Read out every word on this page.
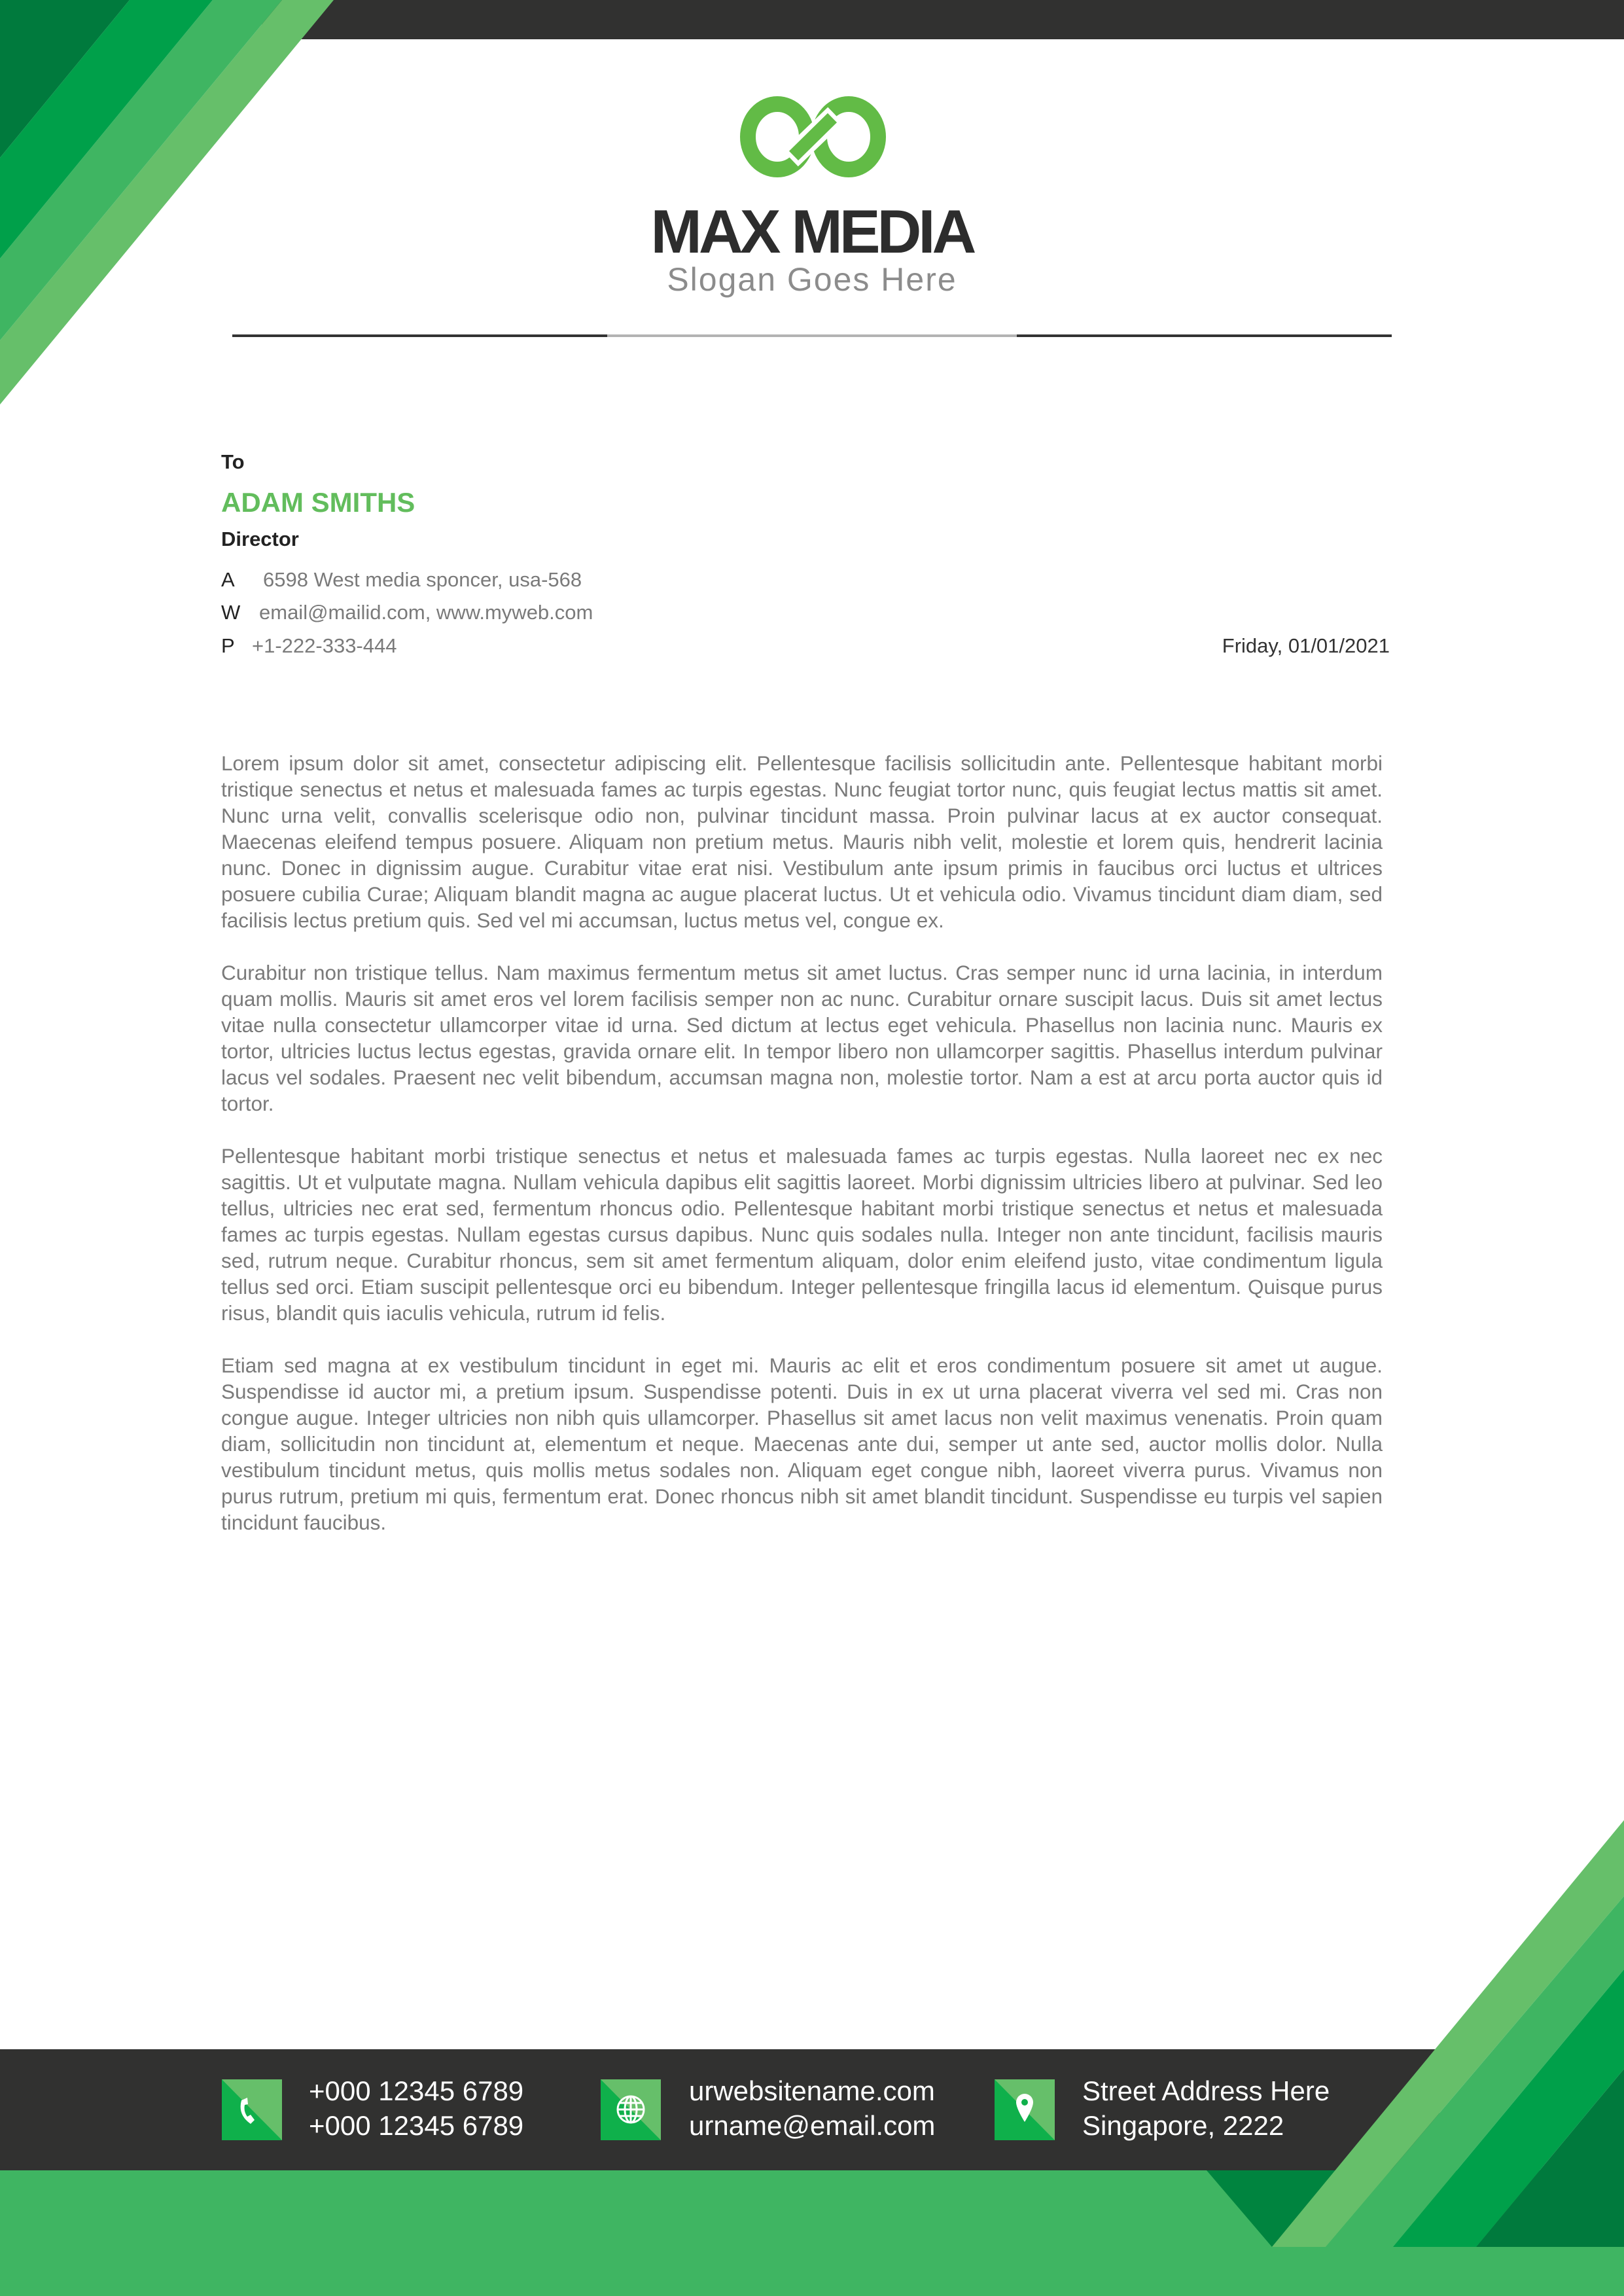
MAX MEDIA
Slogan Goes Here
To
ADAM SMITHS
Director
A 6598 West media sponcer, usa-568
W email@mailid.com, www.myweb.com
P +1-222-333-444	Friday, 01/01/2021

Lorem ipsum dolor sit amet, consectetur adipiscing elit. Pellentesque facilisis sollicitudin ante. Pellentesque habitant morbi tristique senectus et netus et malesuada fames ac turpis egestas. Nunc feugiat tortor nunc, quis feugiat lectus mattis sit amet. Nunc urna velit, convallis scelerisque odio non, pulvinar tincidunt massa. Proin pulvinar lacus at ex auctor consequat. Maecenas eleifend tempus posuere. Aliquam non pretium metus. Mauris nibh velit, molestie et lorem quis, hendrerit lacinia nunc. Donec in dignissim augue. Curabitur vitae erat nisi. Vestibulum ante ipsum primis in faucibus orci luctus et ultrices posuere cubilia Curae; Aliquam blandit magna ac augue placerat luctus. Ut et vehicula odio. Vivamus tincidunt diam diam, sed facilisis lectus pretium quis. Sed vel mi accumsan, luctus metus vel, congue ex.

Curabitur non tristique tellus. Nam maximus fermentum metus sit amet luctus. Cras semper nunc id urna lacinia, in interdum quam mollis. Mauris sit amet eros vel lorem facilisis semper non ac nunc. Curabitur ornare suscipit lacus. Duis sit amet lectus vitae nulla consectetur ullamcorper vitae id urna. Sed dictum at lectus eget vehicula. Phasellus non lacinia nunc. Mauris ex tortor, ultricies luctus lectus egestas, gravida ornare elit. In tempor libero non ullamcorper sagittis. Phasellus interdum pulvinar lacus vel sodales. Praesent nec velit bibendum, accumsan magna non, molestie tortor. Nam a est at arcu porta auctor quis id tortor.

Pellentesque habitant morbi tristique senectus et netus et malesuada fames ac turpis egestas. Nulla laoreet nec ex nec sagittis. Ut et vulputate magna. Nullam vehicula dapibus elit sagittis laoreet. Morbi dignissim ultricies libero at pulvinar. Sed leo tellus, ultricies nec erat sed, fermentum rhoncus odio. Pellentesque habitant morbi tristique senectus et netus et malesuada fames ac turpis egestas. Nullam egestas cursus dapibus. Nunc quis sodales nulla. Integer non ante tincidunt, facilisis mauris sed, rutrum neque. Curabitur rhoncus, sem sit amet fermentum aliquam, dolor enim eleifend justo, vitae condimentum ligula tellus sed orci. Etiam suscipit pellentesque orci eu bibendum. Integer pellentesque fringilla lacus id elementum. Quisque purus risus, blandit quis iaculis vehicula, rutrum id felis.

Etiam sed magna at ex vestibulum tincidunt in eget mi. Mauris ac elit et eros condimentum posuere sit amet ut augue. Suspendisse id auctor mi, a pretium ipsum. Suspendisse potenti. Duis in ex ut urna placerat viverra vel sed mi. Cras non congue augue. Integer ultricies non nibh quis ullamcorper. Phasellus sit amet lacus non velit maximus venenatis. Proin quam diam, sollicitudin non tincidunt at, elementum et neque. Maecenas ante dui, semper ut ante sed, auctor mollis dolor. Nulla vestibulum tincidunt metus, quis mollis metus sodales non. Aliquam eget congue nibh, laoreet viverra purus. Vivamus non purus rutrum, pretium mi quis, fermentum erat. Donec rhoncus nibh sit amet blandit tincidunt. Suspendisse eu turpis vel sapien tincidunt faucibus.

+000 12345 6789
+000 12345 6789
urwebsitename.com
urname@email.com
Street Address Here
Singapore, 2222
